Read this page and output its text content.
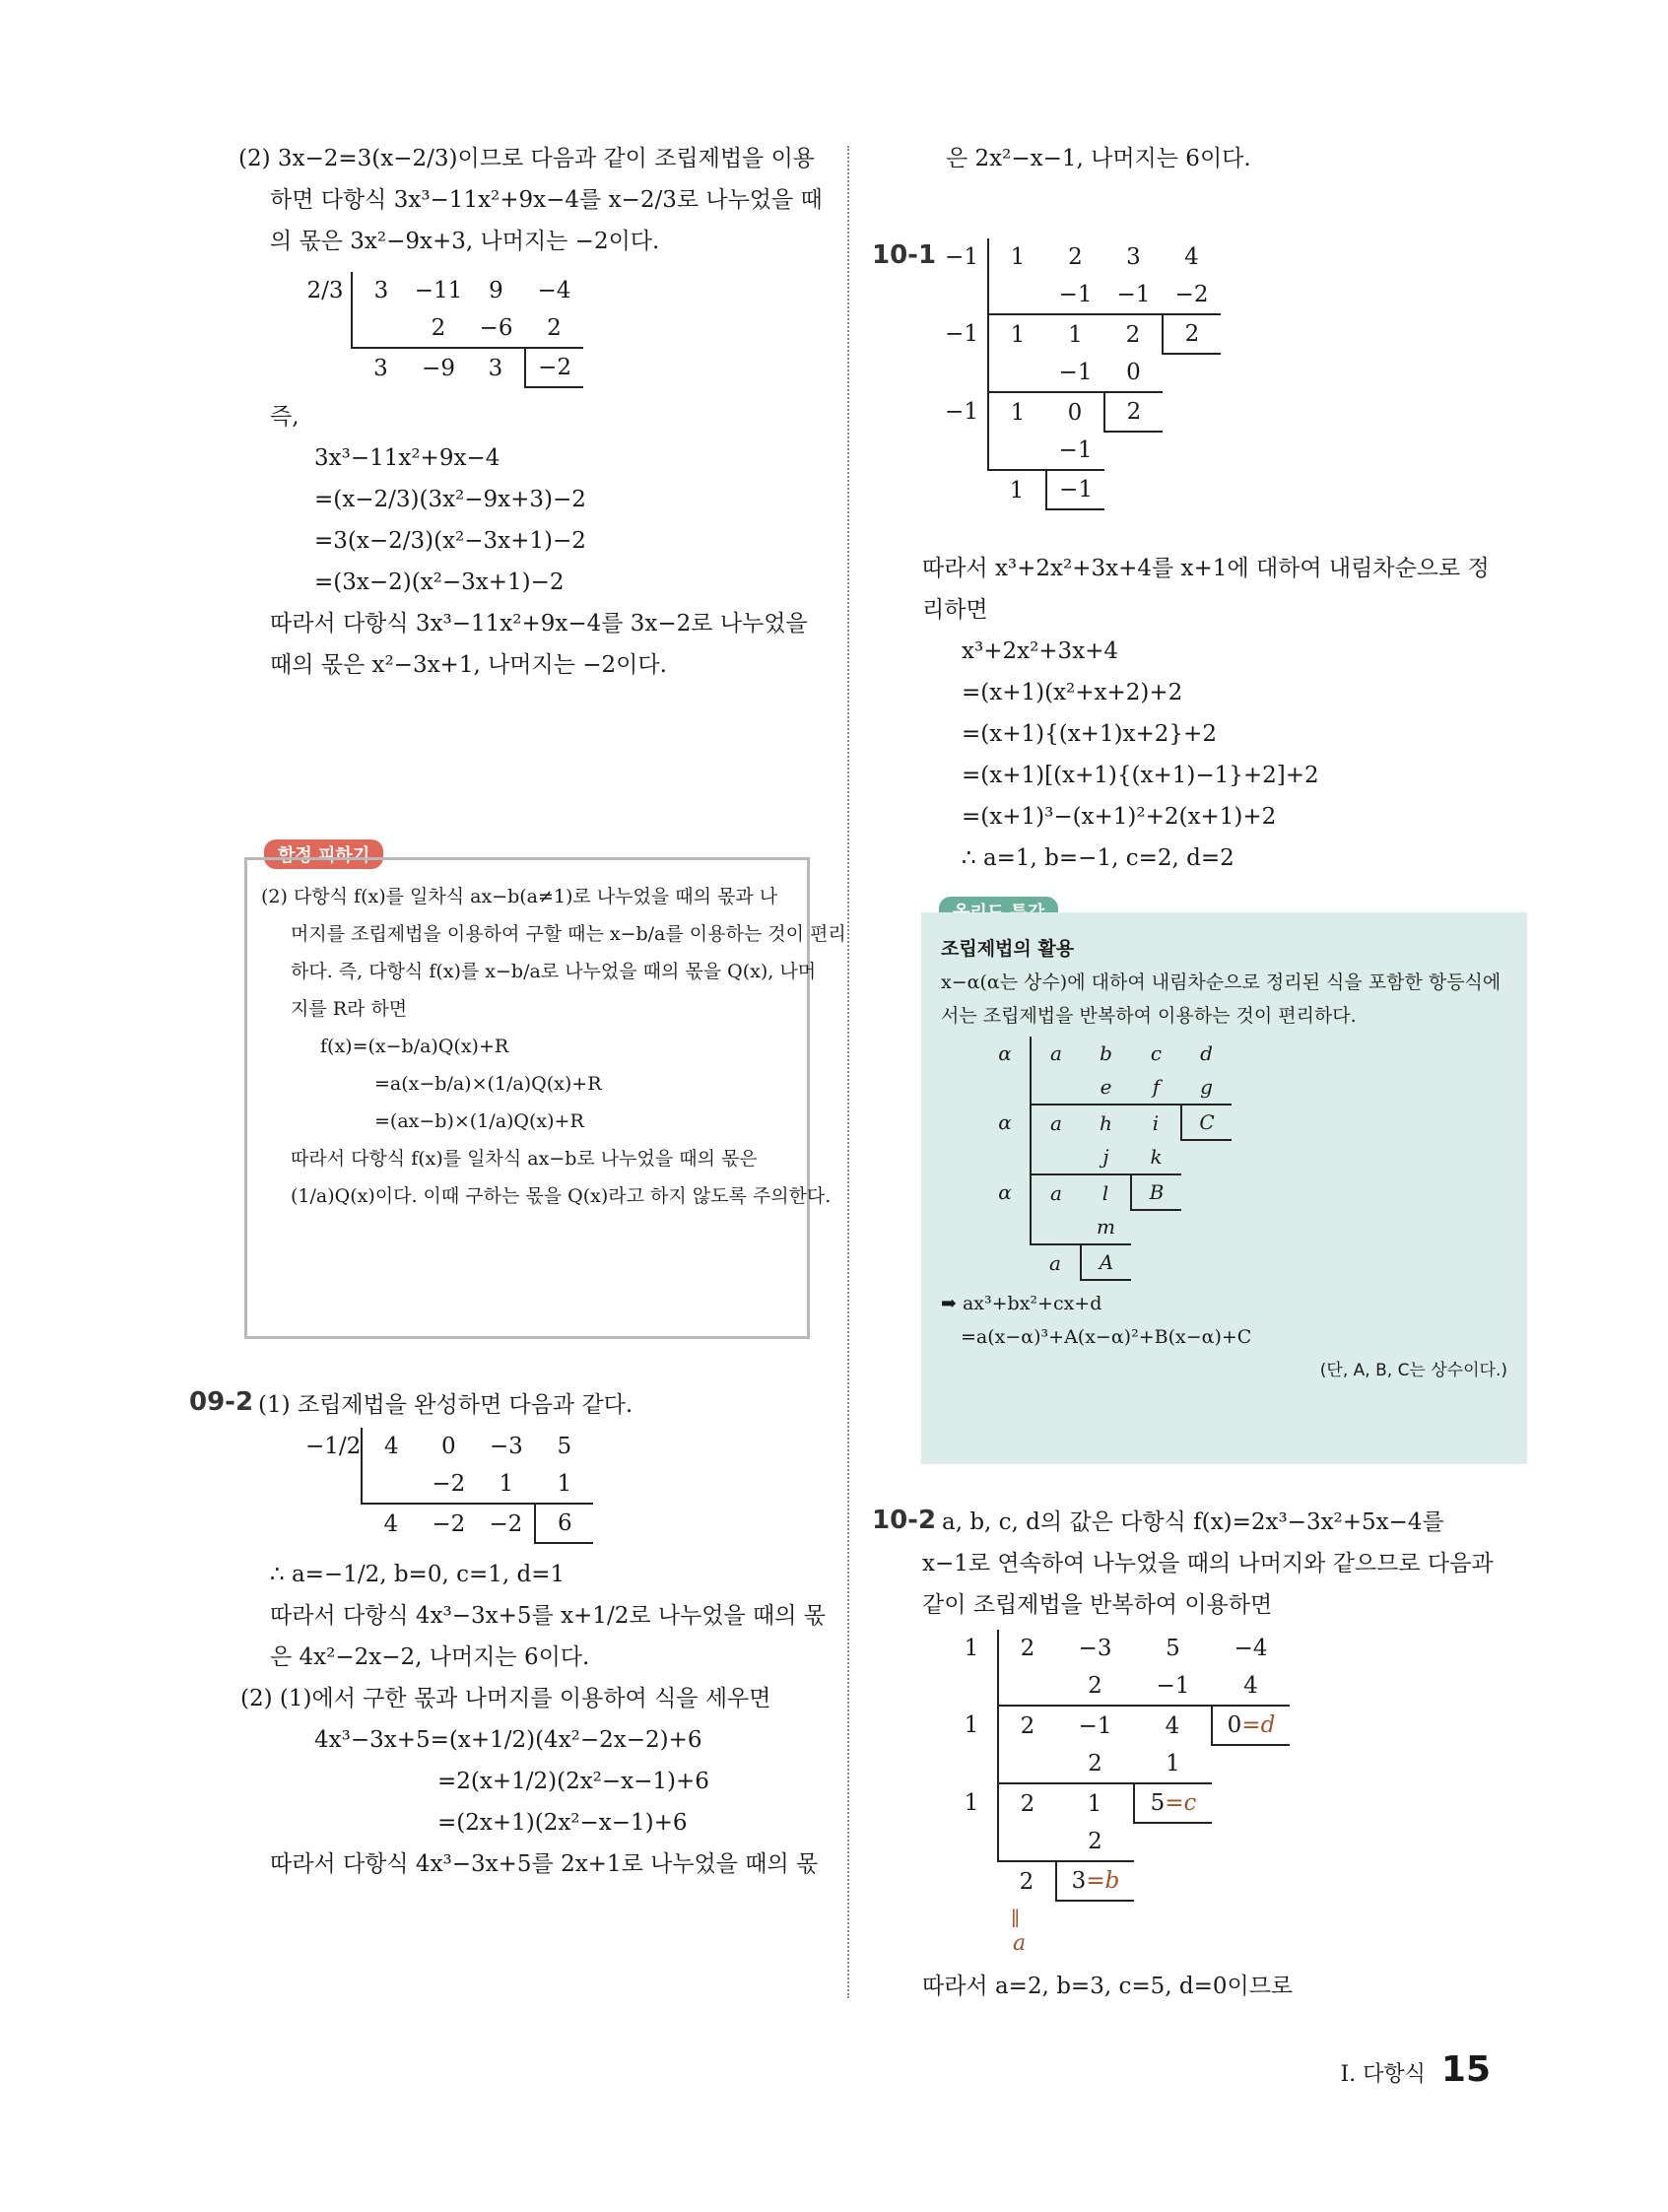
(2) 3x−2=3(x−2/3)이므로 다음과 같이 조립제법을 이용
하면 다항식 3x³−11x²+9x−4를 x−2/3로 나누었을 때
의 몫은 3x²−9x+3, 나머지는 −2이다.
2/3	3	−11	9	−4
		2	−6	2
	3	−9	3	−2
즉,
3x³−11x²+9x−4
=(x−2/3)(3x²−9x+3)−2
=3(x−2/3)(x²−3x+1)−2
=(3x−2)(x²−3x+1)−2
따라서 다항식 3x³−11x²+9x−4를 3x−2로 나누었을
때의 몫은 x²−3x+1, 나머지는 −2이다.
함정 피하기
(2) 다항식 f(x)를 일차식 ax−b(a≠1)로 나누었을 때의 몫과 나
머지를 조립제법을 이용하여 구할 때는 x−b/a를 이용하는 것이 편리
하다. 즉, 다항식 f(x)를 x−b/a로 나누었을 때의 몫을 Q(x), 나머
지를 R라 하면
f(x)=(x−b/a)Q(x)+R
=a(x−b/a)×(1/a)Q(x)+R
=(ax−b)×(1/a)Q(x)+R
따라서 다항식 f(x)를 일차식 ax−b로 나누었을 때의 몫은
(1/a)Q(x)이다. 이때 구하는 몫을 Q(x)라고 하지 않도록 주의한다.
09-2 (1) 조립제법을 완성하면 다음과 같다.
−1/2	4	0	−3	5
		−2	1	1
	4	−2	−2	6
∴ a=−1/2, b=0, c=1, d=1
따라서 다항식 4x³−3x+5를 x+1/2로 나누었을 때의 몫
은 4x²−2x−2, 나머지는 6이다.
(2) (1)에서 구한 몫과 나머지를 이용하여 식을 세우면
4x³−3x+5=(x+1/2)(4x²−2x−2)+6
=2(x+1/2)(2x²−x−1)+6
=(2x+1)(2x²−x−1)+6
따라서 다항식 4x³−3x+5를 2x+1로 나누었을 때의 몫
은 2x²−x−1, 나머지는 6이다.
10-1 −1	1	2	3	4
		−1	−1	−2
−1	1	1	2	2
		−1	0	
−1	1	0	2	
		−1		
	1	−1		
따라서 x³+2x²+3x+4를 x+1에 대하여 내림차순으로 정
리하면
x³+2x²+3x+4
=(x+1)(x²+x+2)+2
=(x+1){(x+1)x+2}+2
=(x+1)[(x+1){(x+1)−1}+2]+2
=(x+1)³−(x+1)²+2(x+1)+2
∴ a=1, b=−1, c=2, d=2
조립제법의 활용
x−α(α는 상수)에 대하여 내림차순으로 정리된 식을 포함한 항등식에
서는 조립제법을 반복하여 이용하는 것이 편리하다.
α	a	b	c	d
		e	f	g
α	a	h	i	C
		j	k	
α	a	l	B	
		m		
	a	A		
➡ ax³+bx²+cx+d
=a(x−α)³+A(x−α)²+B(x−α)+C
(단, A, B, C는 상수이다.)
10-2 a, b, c, d의 값은 다항식 f(x)=2x³−3x²+5x−4를
x−1로 연속하여 나누었을 때의 나머지와 같으므로 다음과
같이 조립제법을 반복하여 이용하면
1	2	−3	5	−4
		2	−1	4
1	2	−1	4	0=d
		2	1	
1	2	1	5=c	
		2		
	2	3=b		
∥
a
따라서 a=2, b=3, c=5, d=0이므로
Ⅰ. 다항식 15
